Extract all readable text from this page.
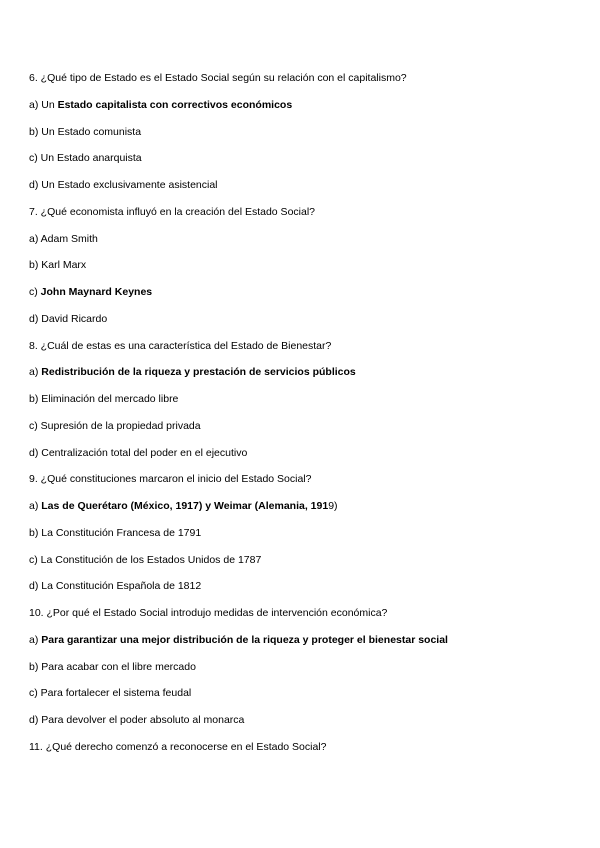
6. ¿Qué tipo de Estado es el Estado Social según su relación con el capitalismo?
a) Un Estado capitalista con correctivos económicos
b) Un Estado comunista
c) Un Estado anarquista
d) Un Estado exclusivamente asistencial
7. ¿Qué economista influyó en la creación del Estado Social?
a) Adam Smith
b) Karl Marx
c) John Maynard Keynes
d) David Ricardo
8. ¿Cuál de estas es una característica del Estado de Bienestar?
a) Redistribución de la riqueza y prestación de servicios públicos
b) Eliminación del mercado libre
c) Supresión de la propiedad privada
d) Centralización total del poder en el ejecutivo
9. ¿Qué constituciones marcaron el inicio del Estado Social?
a) Las de Querétaro (México, 1917) y Weimar (Alemania, 1919)
b) La Constitución Francesa de 1791
c) La Constitución de los Estados Unidos de 1787
d) La Constitución Española de 1812
10. ¿Por qué el Estado Social introdujo medidas de intervención económica?
a) Para garantizar una mejor distribución de la riqueza y proteger el bienestar social
b) Para acabar con el libre mercado
c) Para fortalecer el sistema feudal
d) Para devolver el poder absoluto al monarca
11. ¿Qué derecho comenzó a reconocerse en el Estado Social?
